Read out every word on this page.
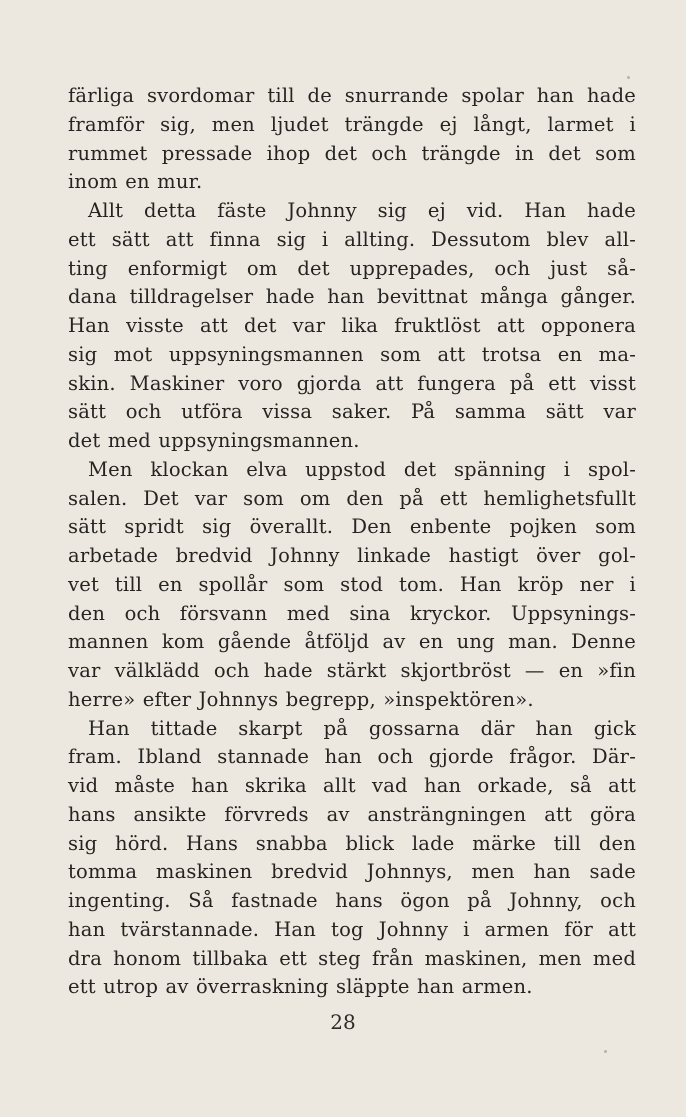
färliga svordomar till de snurrande spolar han hade
framför sig, men ljudet trängde ej långt, larmet i
rummet pressade ihop det och trängde in det som
inom en mur.
Allt detta fäste Johnny sig ej vid. Han hade
ett sätt att finna sig i allting. Dessutom blev all-
ting enformigt om det upprepades, och just så-
dana tilldragelser hade han bevittnat många gånger.
Han visste att det var lika fruktlöst att opponera
sig mot uppsyningsmannen som att trotsa en ma-
skin. Maskiner voro gjorda att fungera på ett visst
sätt och utföra vissa saker. På samma sätt var
det med uppsyningsmannen.
Men klockan elva uppstod det spänning i spol-
salen. Det var som om den på ett hemlighetsfullt
sätt spridt sig överallt. Den enbente pojken som
arbetade bredvid Johnny linkade hastigt över gol-
vet till en spollår som stod tom. Han kröp ner i
den och försvann med sina kryckor. Uppsynings-
mannen kom gående åtföljd av en ung man. Denne
var välklädd och hade stärkt skjortbröst — en »fin
herre» efter Johnnys begrepp, »inspektören».
Han tittade skarpt på gossarna där han gick
fram. Ibland stannade han och gjorde frågor. Där-
vid måste han skrika allt vad han orkade, så att
hans ansikte förvreds av ansträngningen att göra
sig hörd. Hans snabba blick lade märke till den
tomma maskinen bredvid Johnnys, men han sade
ingenting. Så fastnade hans ögon på Johnny, och
han tvärstannade. Han tog Johnny i armen för att
dra honom tillbaka ett steg från maskinen, men med
ett utrop av överraskning släppte han armen.
28
